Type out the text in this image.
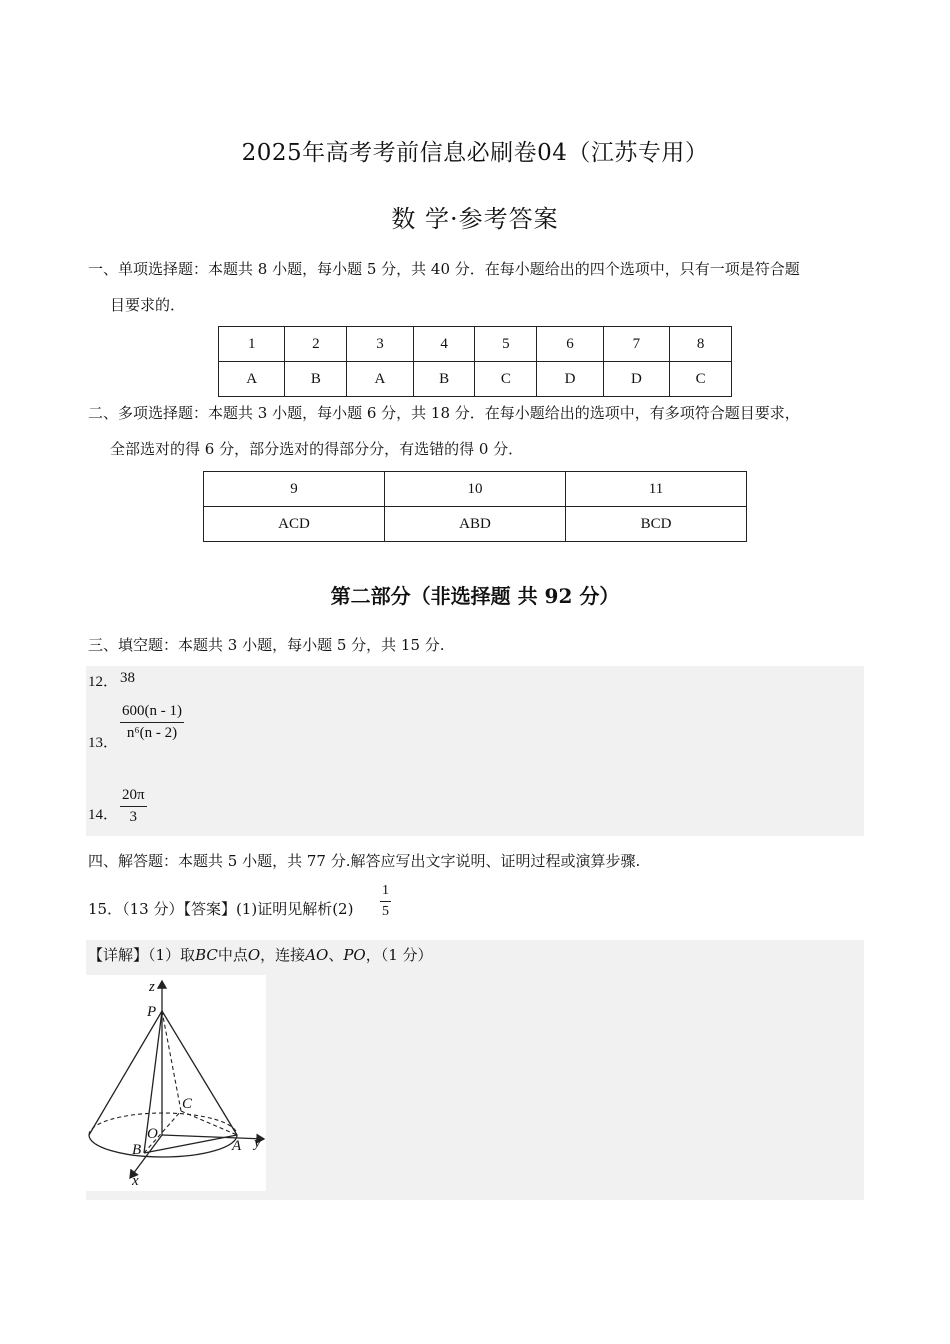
2025年高考考前信息必刷卷04（江苏专用）
数 学·参考答案
一、单项选择题：本题共 8 小题，每小题 5 分，共 40 分．在每小题给出的四个选项中，只有一项是符合题
目要求的．
1	2	3	4	5	6	7	8
A	B	A	B	C	D	D	C
二、多项选择题：本题共 3 小题，每小题 6 分，共 18 分．在每小题给出的选项中，有多项符合题目要求，
全部选对的得 6 分，部分选对的得部分分，有选错的得 0 分．
9	10	11
ACD	ABD	BCD
第二部分（非选择题 共 92 分）
三、填空题：本题共 3 小题，每小题 5 分，共 15 分.
12． 38
13．
600(n - 1)
n⁶(n - 2)
14．
20π
3
四、解答题：本题共 5 小题，共 77 分.解答应写出文字说明、证明过程或演算步骤.
15．（13 分）【答案】(1)证明见解析(2)
1
5
【详解】（1）取BC中点O，连接AO、PO，（1 分）
z
P
C
O
B	A y
x
